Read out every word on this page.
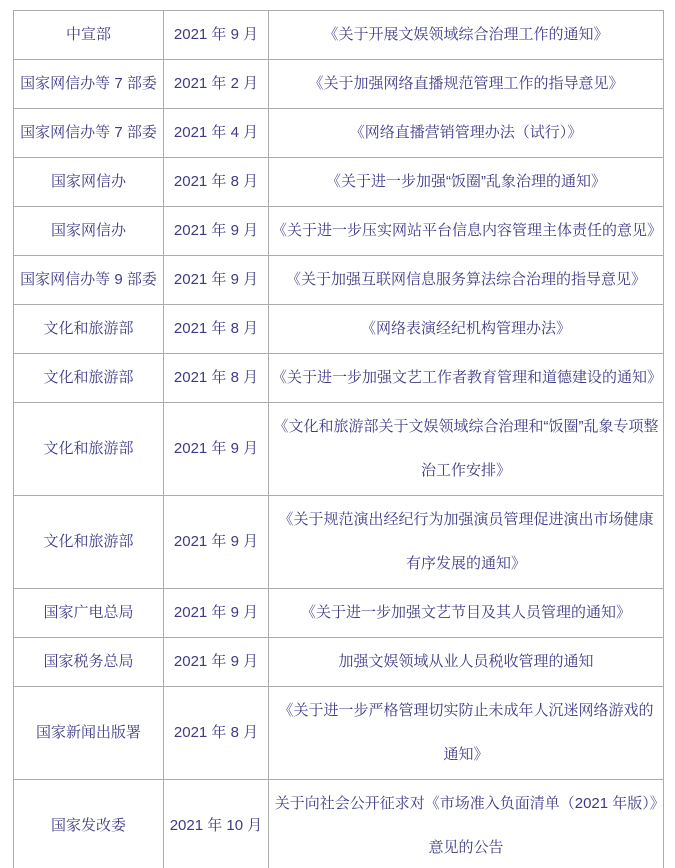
中宣部	2021 年 9 月	《关于开展文娱领域综合治理工作的通知》
国家网信办等 7 部委	2021 年 2 月	《关于加强网络直播规范管理工作的指导意见》
国家网信办等 7 部委	2021 年 4 月	《网络直播营销管理办法（试行）》
国家网信办	2021 年 8 月	《关于进一步加强“饭圈”乱象治理的通知》
国家网信办	2021 年 9 月	《关于进一步压实网站平台信息内容管理主体责任的意见》
国家网信办等 9 部委	2021 年 9 月	《关于加强互联网信息服务算法综合治理的指导意见》
文化和旅游部	2021 年 8 月	《网络表演经纪机构管理办法》
文化和旅游部	2021 年 8 月	《关于进一步加强文艺工作者教育管理和道德建设的通知》
文化和旅游部	2021 年 9 月	《文化和旅游部关于文娱领域综合治理和“饭圈”乱象专项整治工作安排》
文化和旅游部	2021 年 9 月	《关于规范演出经纪行为加强演员管理促进演出市场健康有序发展的通知》
国家广电总局	2021 年 9 月	《关于进一步加强文艺节目及其人员管理的通知》
国家税务总局	2021 年 9 月	加强文娱领域从业人员税收管理的通知
国家新闻出版署	2021 年 8 月	《关于进一步严格管理切实防止未成年人沉迷网络游戏的通知》
国家发改委	2021 年 10 月	关于向社会公开征求对《市场准入负面清单（2021 年版）》意见的公告
